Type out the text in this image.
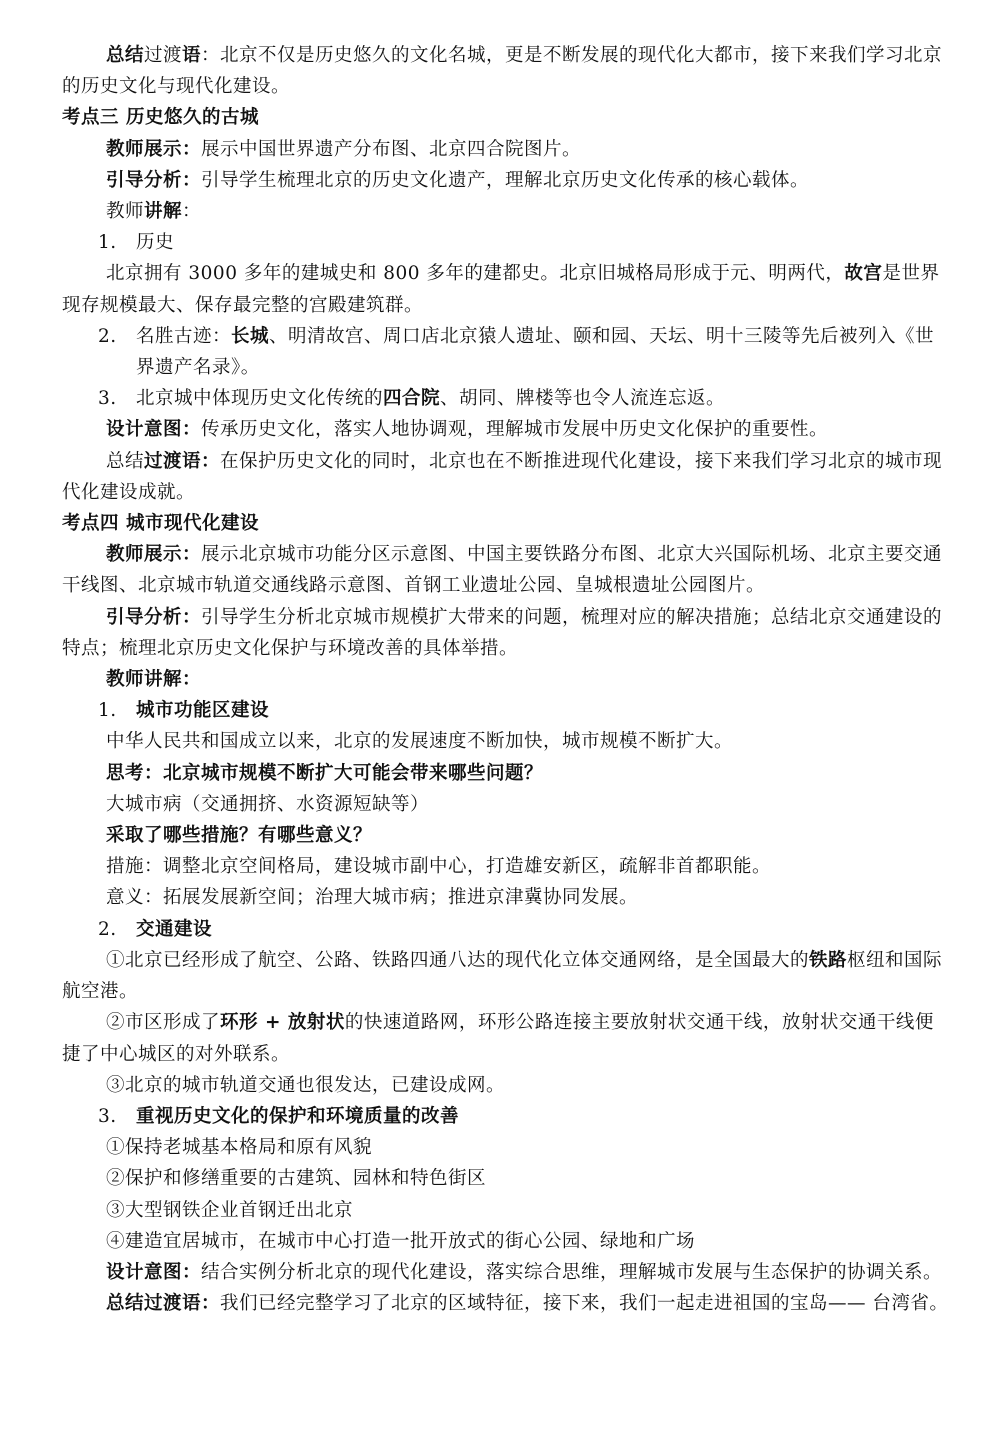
总结过渡语：北京不仅是历史悠久的文化名城，更是不断发展的现代化大都市，接下来我们学习北京的历史文化与现代化建设。

考点三 历史悠久的古城

教师展示：展示中国世界遗产分布图、北京四合院图片。

引导分析：引导学生梳理北京的历史文化遗产，理解北京历史文化传承的核心载体。

教师讲解：

1. 历史

北京拥有 3000 多年的建城史和 800 多年的建都史。北京旧城格局形成于元、明两代，故宫是世界现存规模最大、保存最完整的宫殿建筑群。

2. 名胜古迹：长城、明清故宫、周口店北京猿人遗址、颐和园、天坛、明十三陵等先后被列入《世界遗产名录》。

3. 北京城中体现历史文化传统的四合院、胡同、牌楼等也令人流连忘返。

设计意图：传承历史文化，落实人地协调观，理解城市发展中历史文化保护的重要性。

总结过渡语：在保护历史文化的同时，北京也在不断推进现代化建设，接下来我们学习北京的城市现代化建设成就。

考点四 城市现代化建设

教师展示：展示北京城市功能分区示意图、中国主要铁路分布图、北京大兴国际机场、北京主要交通干线图、北京城市轨道交通线路示意图、首钢工业遗址公园、皇城根遗址公园图片。

引导分析：引导学生分析北京城市规模扩大带来的问题，梳理对应的解决措施；总结北京交通建设的特点；梳理北京历史文化保护与环境改善的具体举措。

教师讲解：

1. 城市功能区建设

中华人民共和国成立以来，北京的发展速度不断加快，城市规模不断扩大。

思考：北京城市规模不断扩大可能会带来哪些问题？

大城市病（交通拥挤、水资源短缺等）

采取了哪些措施？有哪些意义？

措施：调整北京空间格局，建设城市副中心，打造雄安新区，疏解非首都职能。

意义：拓展发展新空间；治理大城市病；推进京津冀协同发展。

2. 交通建设

①北京已经形成了航空、公路、铁路四通八达的现代化立体交通网络，是全国最大的铁路枢纽和国际航空港。

②市区形成了环形 + 放射状的快速道路网，环形公路连接主要放射状交通干线，放射状交通干线便捷了中心城区的对外联系。

③北京的城市轨道交通也很发达，已建设成网。

3. 重视历史文化的保护和环境质量的改善

①保持老城基本格局和原有风貌

②保护和修缮重要的古建筑、园林和特色街区

③大型钢铁企业首钢迁出北京

④建造宜居城市，在城市中心打造一批开放式的街心公园、绿地和广场

设计意图：结合实例分析北京的现代化建设，落实综合思维，理解城市发展与生态保护的协调关系。

总结过渡语：我们已经完整学习了北京的区域特征，接下来，我们一起走进祖国的宝岛—— 台湾省。
